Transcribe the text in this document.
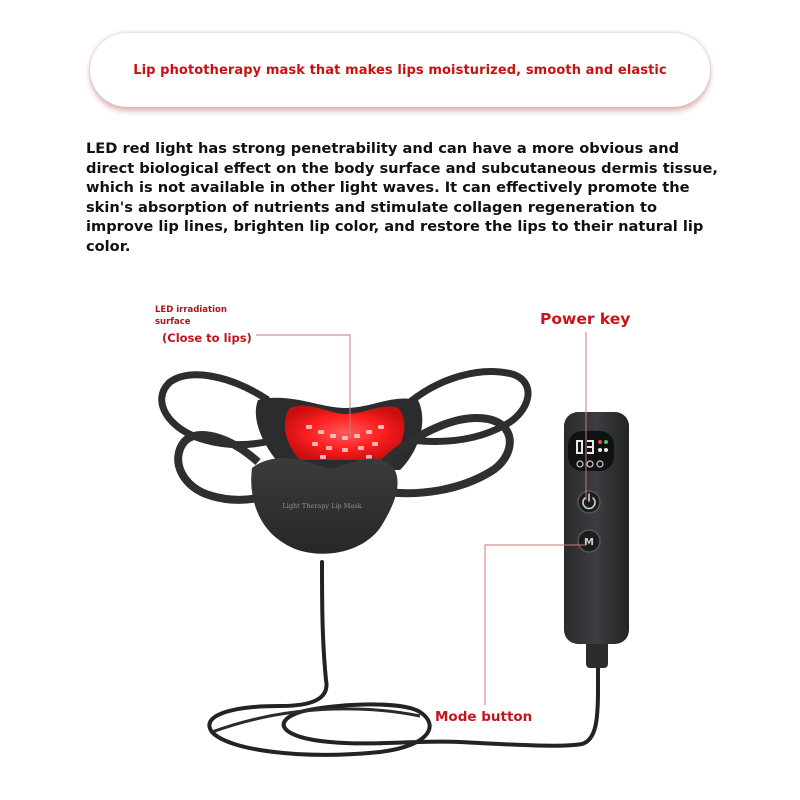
Lip phototherapy mask that makes lips moisturized, smooth and elastic

LED red light has strong penetrability and can have a more obvious and direct biological effect on the body surface and subcutaneous dermis tissue, which is not available in other light waves. It can effectively promote the skin's absorption of nutrients and stimulate collagen regeneration to improve lip lines, brighten lip color, and restore the lips to their natural lip color.

Light Therapy Lip Mask
M
LED irradiation
surface
(Close to lips)
Power key
Mode button
